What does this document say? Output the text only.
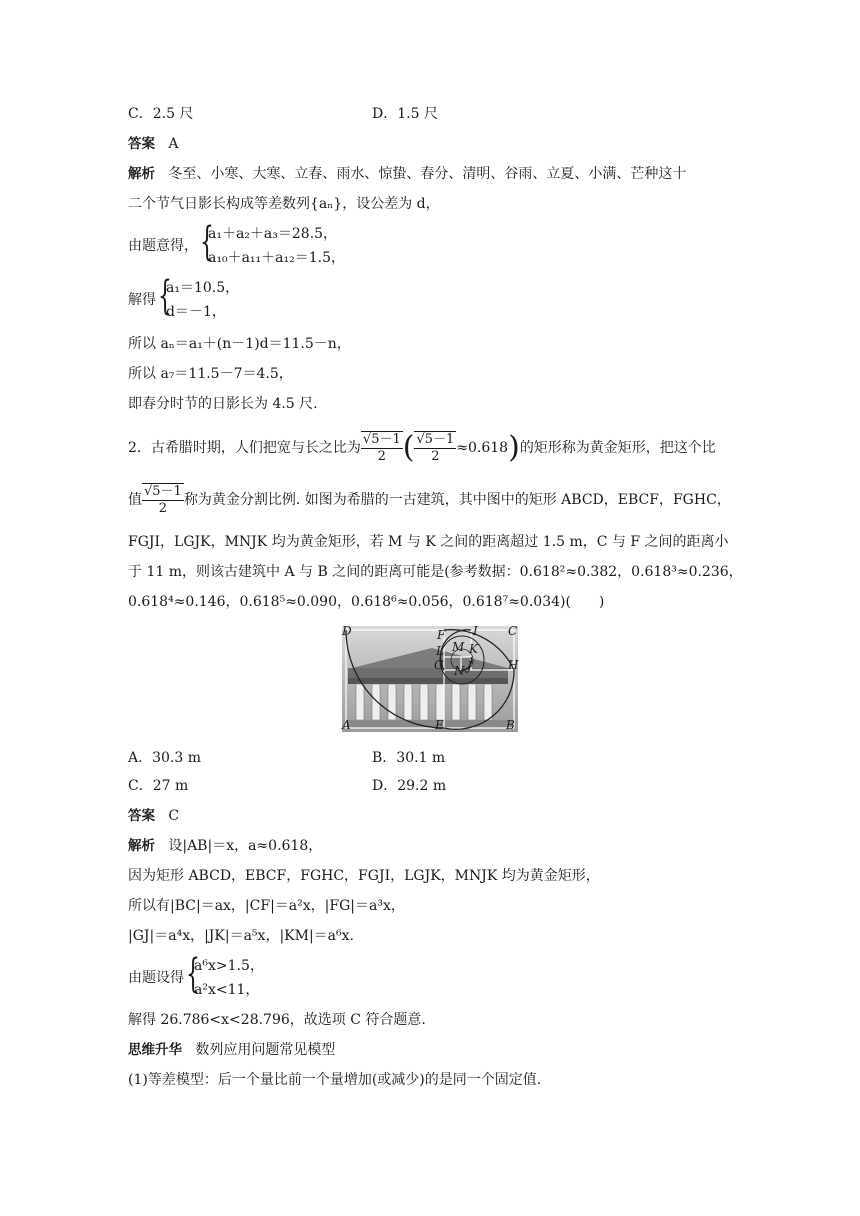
C．2.5 尺	D．1.5 尺
答案 A
解析 冬至、小寒、大寒、立春、雨水、惊蛰、春分、清明、谷雨、立夏、小满、芒种这十
二个节气日影长构成等差数列{aₙ}，设公差为 d，
由题意得， {
a₁＋a₂＋a₃＝28.5，
a₁₀＋a₁₁＋a₁₂＝1.5，
解得 {
a₁＝10.5，
d＝－1，
所以 aₙ＝a₁＋(n－1)d＝11.5－n，
所以 a₇＝11.5－7＝4.5，
即春分时节的日影长为 4.5 尺.
2．古希腊时期，人们把宽与长之比为 $\frac{√5-1}{2}$ ( $\frac{√5-1}{2} \approx 0.618$)的矩形称为黄金矩形，把这个比
值 $\frac{√5-1}{2}$ 称为黄金分割比例. 如图为希腊的一古建筑，其中图中的矩形 ABCD，EBCF，FGHC，
FGJI，LGJK，MNJK 均为黄金矩形，若 M 与 K 之间的距离超过 1.5 m，C 与 F 之间的距离小
于 11 m，则该古建筑中 A 与 B 之间的距离可能是(参考数据：0.618²≈0.382，0.618³≈0.236，
0.618⁴≈0.146，0.618⁵≈0.090，0.618⁶≈0.056，0.618⁷≈0.034)(　　)
D	F I	C
L M K
H
G N J
A	E	B
A．30.3 m	B．30.1 m
C．27 m	D．29.2 m
答案 C
解析 设|AB|＝x，a≈0.618，
因为矩形 ABCD，EBCF，FGHC，FGJI，LGJK，MNJK 均为黄金矩形，
所以有|BC|＝ax，|CF|＝a²x，|FG|＝a³x，
|GJ|＝a⁴x，|JK|＝a⁵x，|KM|＝a⁶x.
由题设得 {
a⁶x>1.5，
a²x<11，
解得 26.786<x<28.796，故选项 C 符合题意.
思维升华 数列应用问题常见模型
(1)等差模型：后一个量比前一个量增加(或减少)的是同一个固定值.
